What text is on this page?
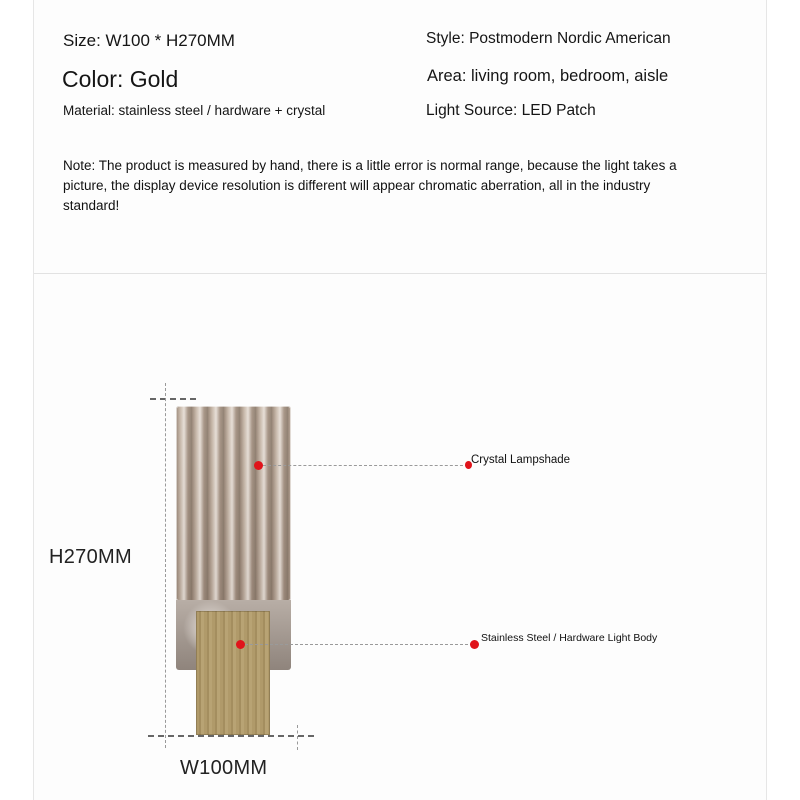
Size: W100 * H270MM
Color: Gold
Material: stainless steel / hardware + crystal
Style: Postmodern Nordic American
Area: living room, bedroom, aisle
Light Source: LED Patch
Note: The product is measured by hand, there is a little error is normal range, because the light takes a picture, the display device resolution is different will appear chromatic aberration, all in the industry standard!
H270MM
W100MM
Crystal Lampshade
Stainless Steel / Hardware Light Body
